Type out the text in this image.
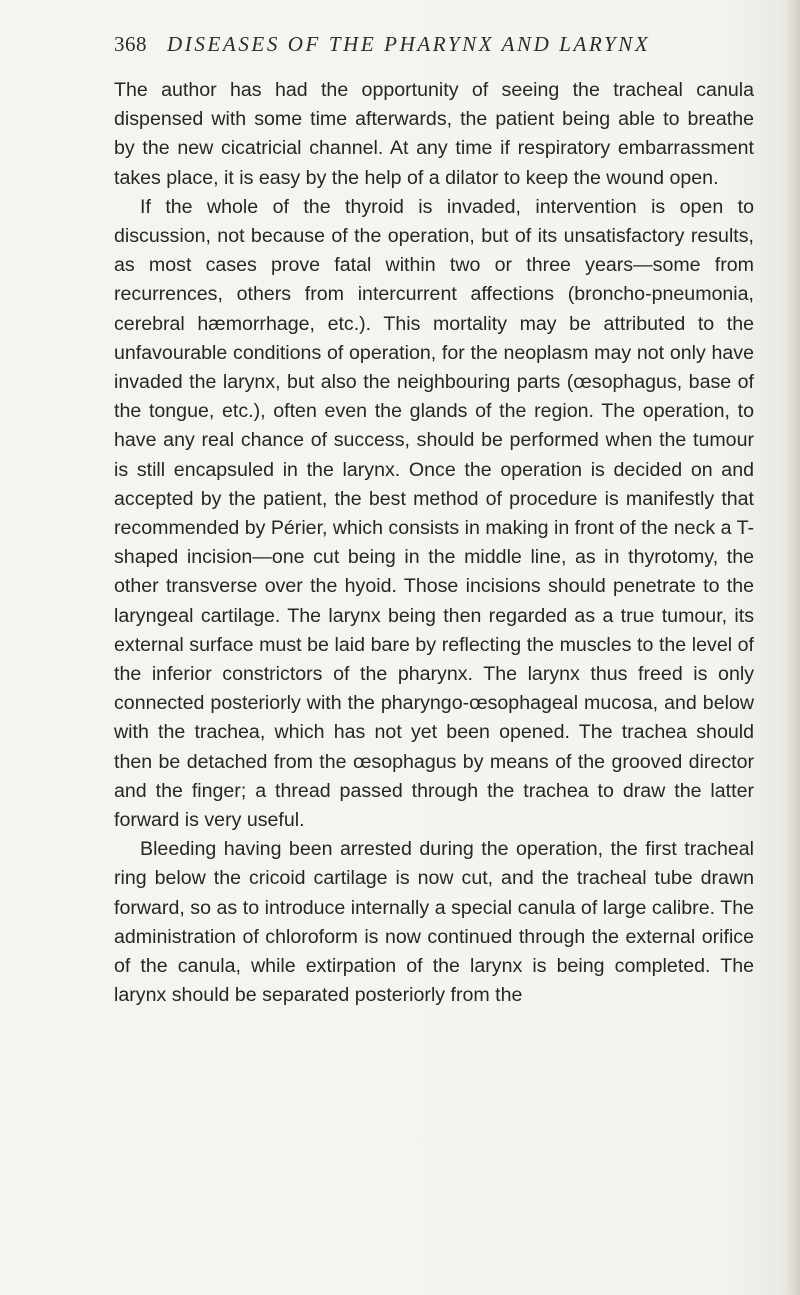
368 DISEASES OF THE PHARYNX AND LARYNX

The author has had the opportunity of seeing the tracheal canula dispensed with some time afterwards, the patient being able to breathe by the new cicatricial channel. At any time if respiratory embarrassment takes place, it is easy by the help of a dilator to keep the wound open.

If the whole of the thyroid is invaded, intervention is open to discussion, not because of the operation, but of its unsatisfactory results, as most cases prove fatal within two or three years—some from recurrences, others from intercurrent affections (broncho-pneumonia, cerebral hæmorrhage, etc.). This mortality may be attributed to the unfavourable conditions of operation, for the neoplasm may not only have invaded the larynx, but also the neighbouring parts (œsophagus, base of the tongue, etc.), often even the glands of the region. The operation, to have any real chance of success, should be performed when the tumour is still encapsuled in the larynx. Once the operation is decided on and accepted by the patient, the best method of procedure is manifestly that recommended by Périer, which consists in making in front of the neck a T-shaped incision—one cut being in the middle line, as in thyrotomy, the other transverse over the hyoid. Those incisions should penetrate to the laryngeal cartilage. The larynx being then regarded as a true tumour, its external surface must be laid bare by reflecting the muscles to the level of the inferior constrictors of the pharynx. The larynx thus freed is only connected posteriorly with the pharyngo-œsophageal mucosa, and below with the trachea, which has not yet been opened. The trachea should then be detached from the œsophagus by means of the grooved director and the finger; a thread passed through the trachea to draw the latter forward is very useful.

Bleeding having been arrested during the operation, the first tracheal ring below the cricoid cartilage is now cut, and the tracheal tube drawn forward, so as to introduce internally a special canula of large calibre. The administration of chloroform is now continued through the external orifice of the canula, while extirpation of the larynx is being completed. The larynx should be separated posteriorly from the
